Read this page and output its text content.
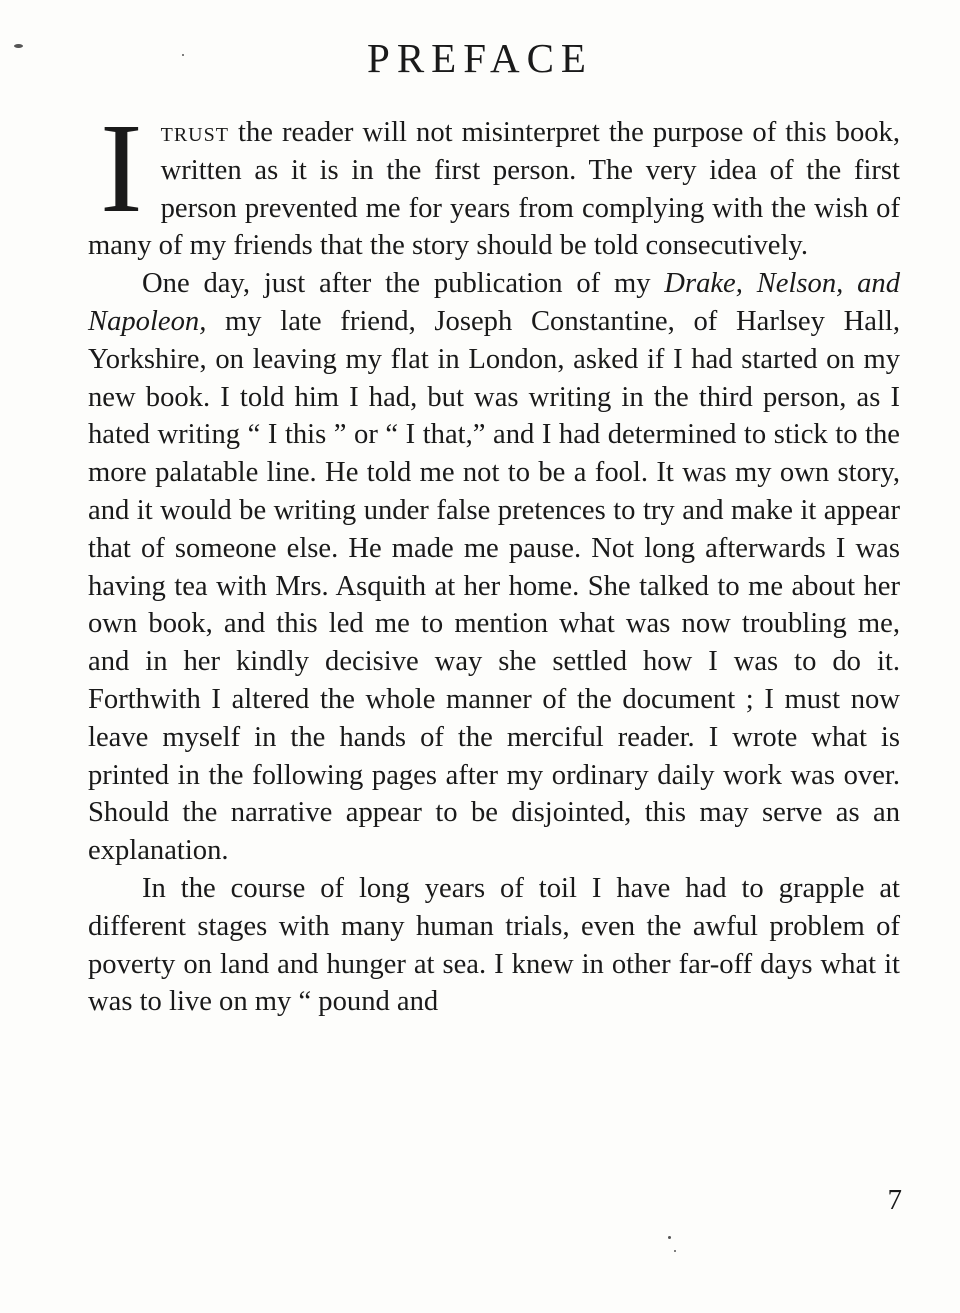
PREFACE

Itrust the reader will not misinterpret the purpose of this book, written as it is in the first person. The very idea of the first person prevented me for years from complying with the wish of many of my friends that the story should be told consecutively.

One day, just after the publication of my Drake, Nelson, and Napoleon, my late friend, Joseph Constantine, of Harlsey Hall, Yorkshire, on leaving my flat in London, asked if I had started on my new book. I told him I had, but was writing in the third person, as I hated writing “ I this ” or “ I that,” and I had determined to stick to the more palatable line. He told me not to be a fool. It was my own story, and it would be writing under false pretences to try and make it appear that of someone else. He made me pause. Not long afterwards I was having tea with Mrs. Asquith at her home. She talked to me about her own book, and this led me to mention what was now troubling me, and in her kindly decisive way she settled how I was to do it. Forthwith I altered the whole manner of the document ; I must now leave myself in the hands of the merciful reader. I wrote what is printed in the following pages after my ordinary daily work was over. Should the narrative appear to be disjointed, this may serve as an explanation.

In the course of long years of toil I have had to grapple at different stages with many human trials, even the awful problem of poverty on land and hunger at sea. I knew in other far-off days what it was to live on my “ pound and

7
